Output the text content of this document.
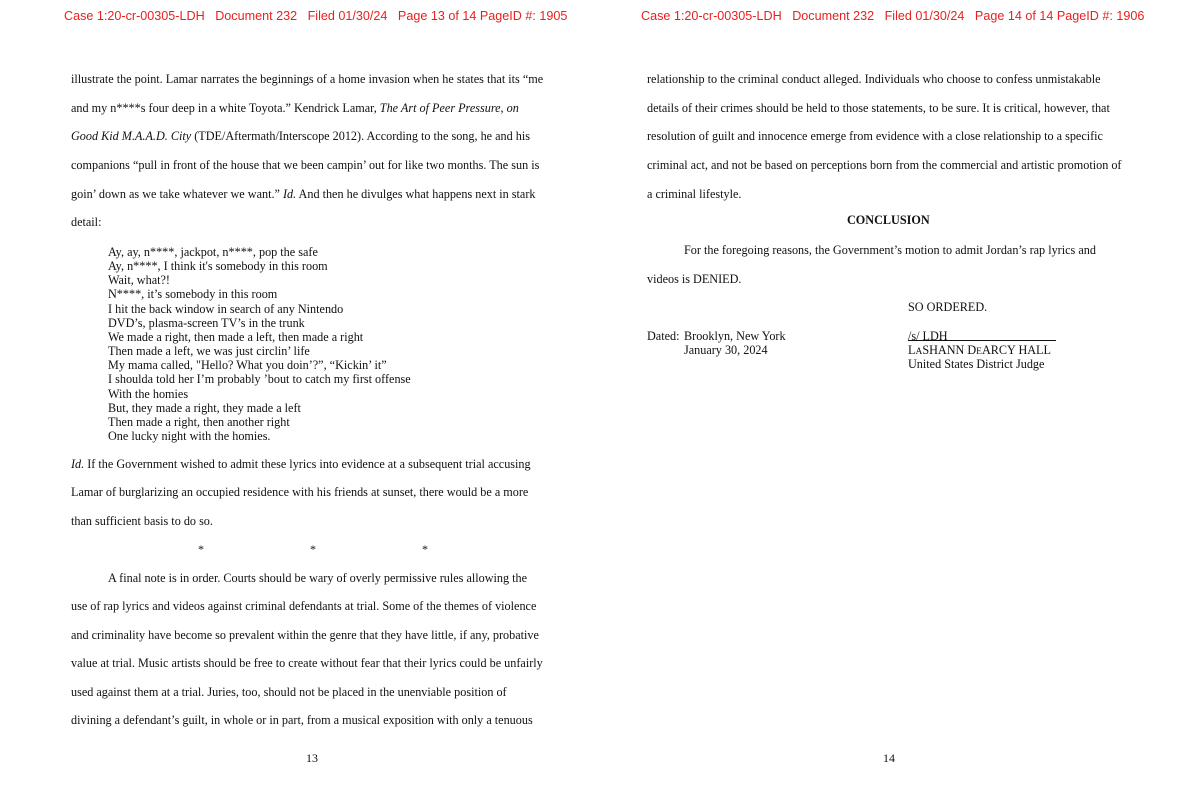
Case 1:20-cr-00305-LDH   Document 232   Filed 01/30/24   Page 13 of 14 PageID #: 1905
illustrate the point. Lamar narrates the beginnings of a home invasion when he states that its “me
and my n****s four deep in a white Toyota.” Kendrick Lamar, The Art of Peer Pressure, on
Good Kid M.A.A.D. City (TDE/Aftermath/Interscope 2012). According to the song, he and his
companions “pull in front of the house that we been campin’ out for like two months. The sun is
goin’ down as we take whatever we want.” Id. And then he divulges what happens next in stark
detail:
Ay, ay, n****, jackpot, n****, pop the safe
Ay, n****, I think it's somebody in this room
Wait, what?!
N****, it’s somebody in this room
I hit the back window in search of any Nintendo
DVD’s, plasma-screen TV’s in the trunk
We made a right, then made a left, then made a right
Then made a left, we was just circlin’ life
My mama called, "Hello? What you doin’?”, “Kickin’ it”
I shoulda told her I’m probably ’bout to catch my first offense
With the homies
But, they made a right, they made a left
Then made a right, then another right
One lucky night with the homies.
Id. If the Government wished to admit these lyrics into evidence at a subsequent trial accusing
Lamar of burglarizing an occupied residence with his friends at sunset, there would be a more
than sufficient basis to do so.
*	*	*
A final note is in order. Courts should be wary of overly permissive rules allowing the
use of rap lyrics and videos against criminal defendants at trial. Some of the themes of violence
and criminality have become so prevalent within the genre that they have little, if any, probative
value at trial. Music artists should be free to create without fear that their lyrics could be unfairly
used against them at a trial. Juries, too, should not be placed in the unenviable position of
divining a defendant’s guilt, in whole or in part, from a musical exposition with only a tenuous
13
Case 1:20-cr-00305-LDH   Document 232   Filed 01/30/24   Page 14 of 14 PageID #: 1906
relationship to the criminal conduct alleged. Individuals who choose to confess unmistakable
details of their crimes should be held to those statements, to be sure. It is critical, however, that
resolution of guilt and innocence emerge from evidence with a close relationship to a specific
criminal act, and not be based on perceptions born from the commercial and artistic promotion of
a criminal lifestyle.
CONCLUSION
For the foregoing reasons, the Government’s motion to admit Jordan’s rap lyrics and
videos is DENIED.
SO ORDERED.
Dated: Brooklyn, New York
January 30, 2024
/s/ LDH
LASHANN DEARCY HALL
United States District Judge
14
